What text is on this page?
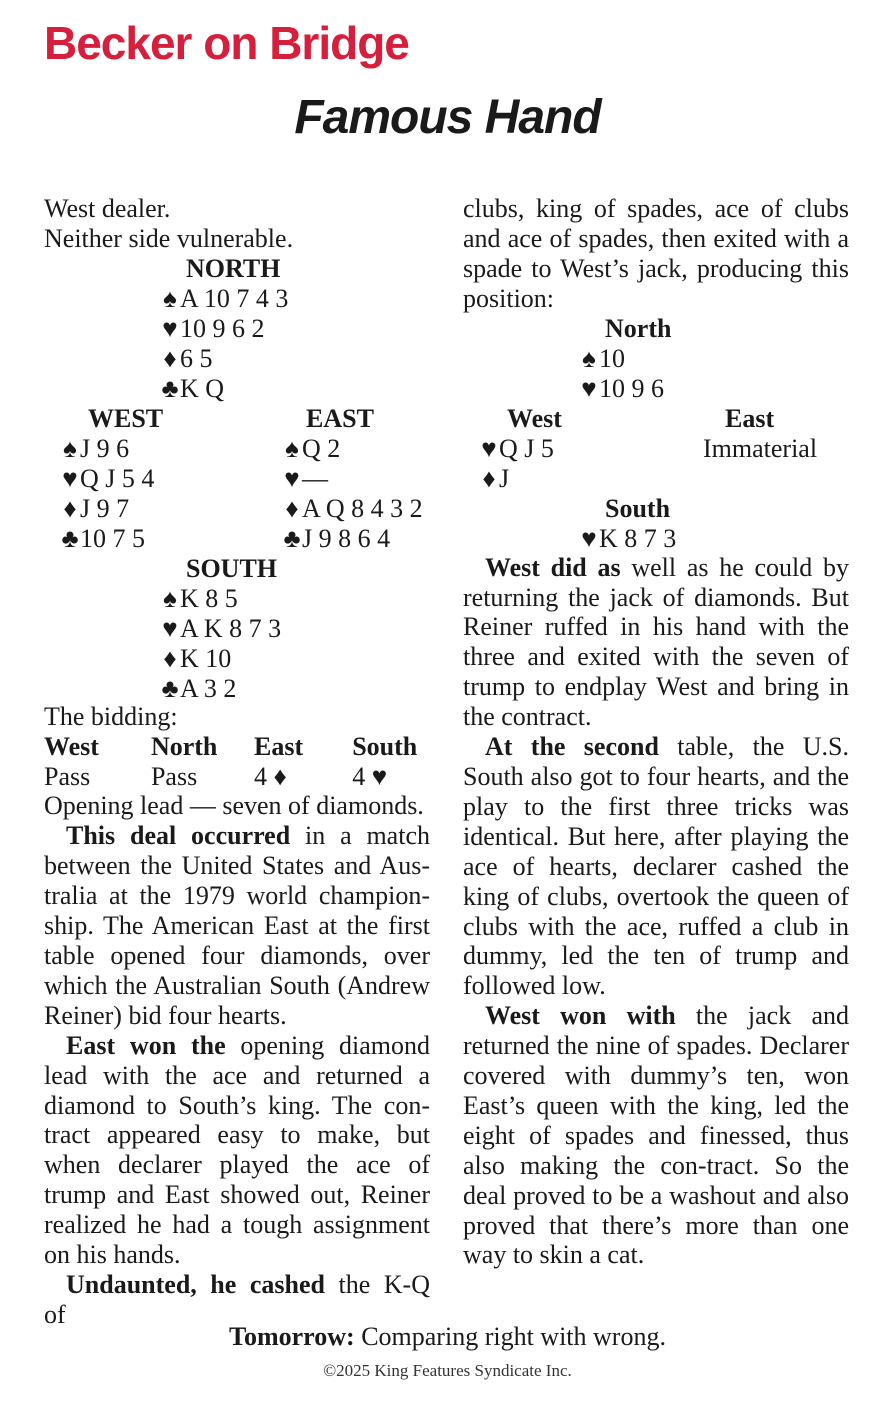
Becker on Bridge
Famous Hand
West dealer.
Neither side vulnerable.
NORTH
♠ A 10 7 4 3
♥10 9 6 2
♦ 6 5
♣K Q
WEST
♠ J 9 6
♥Q J 5 4
♦ J 9 7
♣10 7 5
EAST
♠ Q 2
♥—
♦ A Q 8 4 3 2
♣J 9 8 6 4
SOUTH
♠ K 8 5
♥A K 8 7 3
♦ K 10
♣A 3 2
The bidding:
West	North	East	South
Pass	Pass	4 ♦	4 ♥
Opening lead — seven of diamonds.

This deal occurred in a match between the United States and Aus-tralia at the 1979 world champion-ship. The American East at the first table opened four diamonds, over which the Australian South (Andrew Reiner) bid four hearts.

East won the opening diamond lead with the ace and returned a diamond to South’s king. The con-tract appeared easy to make, but when declarer played the ace of trump and East showed out, Reiner realized he had a tough assignment on his hands.

Undaunted, he cashed the K-Q of

clubs, king of spades, ace of clubs and ace of spades, then exited with a spade to West’s jack, producing this position:

North
♠ 10
♥10 9 6
West
♥Q J 5
♦ J
East
Immaterial
South
♥K 8 7 3

West did as well as he could by returning the jack of diamonds. But Reiner ruffed in his hand with the three and exited with the seven of trump to endplay West and bring in the contract.

At the second table, the U.S. South also got to four hearts, and the play to the first three tricks was identical. But here, after playing the ace of hearts, declarer cashed the king of clubs, overtook the queen of clubs with the ace, ruffed a club in dummy, led the ten of trump and followed low.

West won with the jack and returned the nine of spades. Declarer covered with dummy’s ten, won East’s queen with the king, led the eight of spades and finessed, thus also making the con-tract. So the deal proved to be a washout and also proved that there’s more than one way to skin a cat.

Tomorrow: Comparing right with wrong.
©2025 King Features Syndicate Inc.
